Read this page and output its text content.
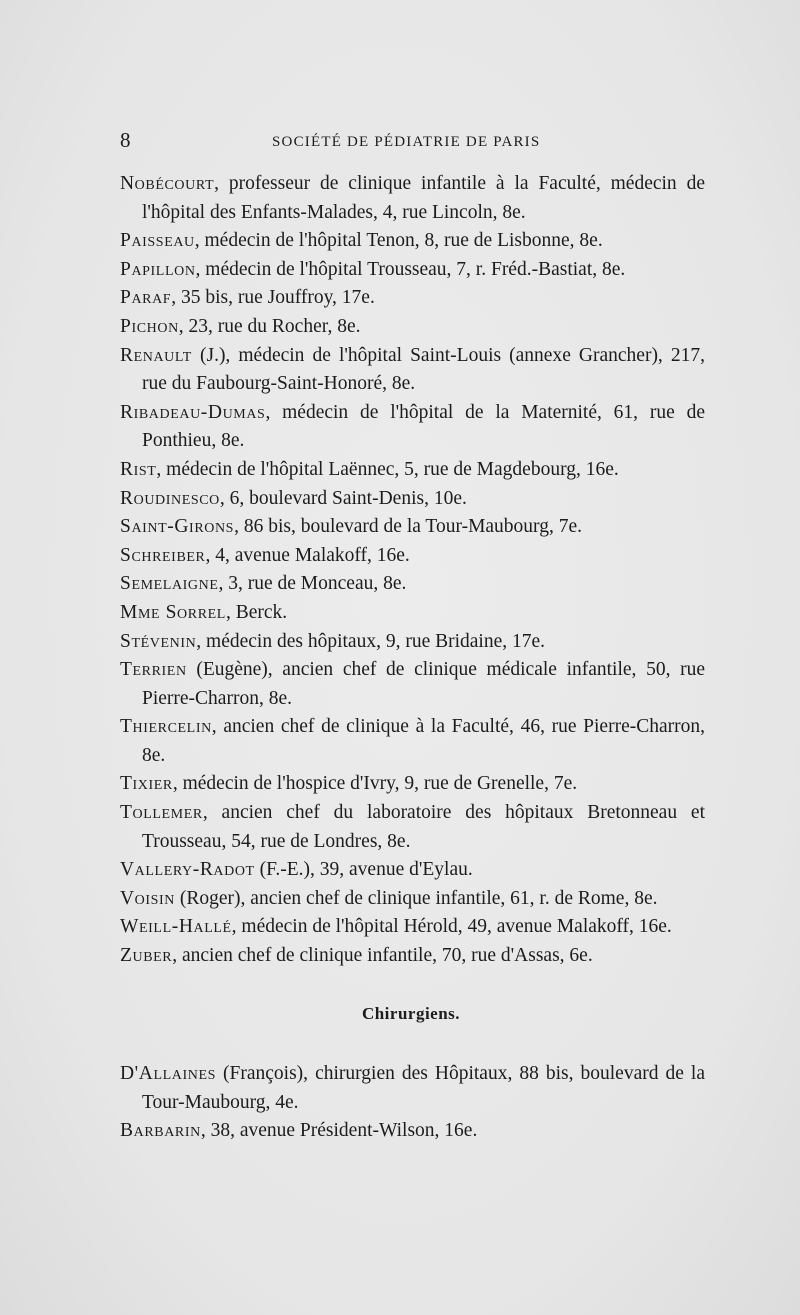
8	SOCIÉTÉ DE PÉDIATRIE DE PARIS
Nobécourt, professeur de clinique infantile à la Faculté, médecin de l'hôpital des Enfants-Malades, 4, rue Lincoln, 8e.
Paisseau, médecin de l'hôpital Tenon, 8, rue de Lisbonne, 8e.
Papillon, médecin de l'hôpital Trousseau, 7, r. Fréd.-Bastiat, 8e.
Paraf, 35 bis, rue Jouffroy, 17e.
Pichon, 23, rue du Rocher, 8e.
Renault (J.), médecin de l'hôpital Saint-Louis (annexe Grancher), 217, rue du Faubourg-Saint-Honoré, 8e.
Ribadeau-Dumas, médecin de l'hôpital de la Maternité, 61, rue de Ponthieu, 8e.
Rist, médecin de l'hôpital Laënnec, 5, rue de Magdebourg, 16e.
Roudinesco, 6, boulevard Saint-Denis, 10e.
Saint-Girons, 86 bis, boulevard de la Tour-Maubourg, 7e.
Schreiber, 4, avenue Malakoff, 16e.
Semelaigne, 3, rue de Monceau, 8e.
Mme Sorrel, Berck.
Stévenin, médecin des hôpitaux, 9, rue Bridaine, 17e.
Terrien (Eugène), ancien chef de clinique médicale infantile, 50, rue Pierre-Charron, 8e.
Thiercelin, ancien chef de clinique à la Faculté, 46, rue Pierre-Charron, 8e.
Tixier, médecin de l'hospice d'Ivry, 9, rue de Grenelle, 7e.
Tollemer, ancien chef du laboratoire des hôpitaux Bretonneau et Trousseau, 54, rue de Londres, 8e.
Vallery-Radot (F.-E.), 39, avenue d'Eylau.
Voisin (Roger), ancien chef de clinique infantile, 61, r. de Rome, 8e.
Weill-Hallé, médecin de l'hôpital Hérold, 49, avenue Malakoff, 16e.
Zuber, ancien chef de clinique infantile, 70, rue d'Assas, 6e.
Chirurgiens.
D'Allaines (François), chirurgien des Hôpitaux, 88 bis, boulevard de la Tour-Maubourg, 4e.
Barbarin, 38, avenue Président-Wilson, 16e.
